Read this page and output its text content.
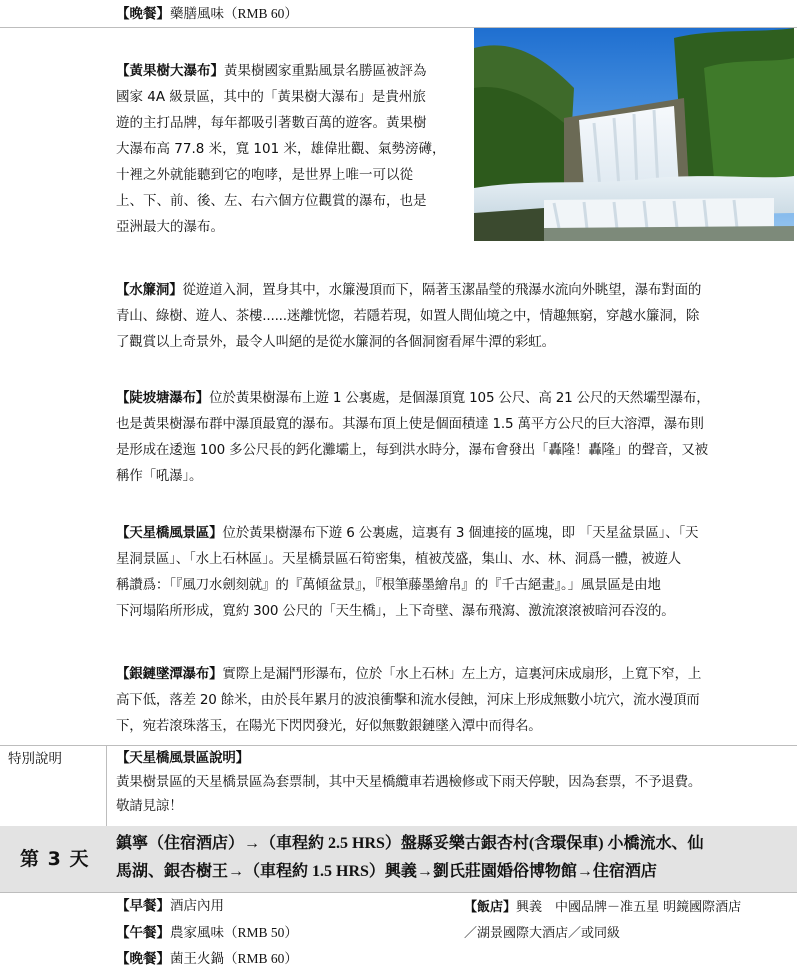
【晚餐】藥膳風味（RMB 60）
【黃果樹大瀑布】黃果樹國家重點風景名勝區被評為
國家 4A 級景區，其中的「黃果樹大瀑布」是貴州旅
遊的主打品牌，每年都吸引著數百萬的遊客。黃果樹
大瀑布高 77.8 米，寬 101 米，雄偉壯觀、氣勢滂礡，
十裡之外就能聽到它的咆哮，是世界上唯一可以從
上、下、前、後、左、右六個方位觀賞的瀑布，也是
亞洲最大的瀑布。
【水簾洞】從遊道入洞，置身其中，水簾漫頂而下，隔著玉潔晶瑩的飛瀑水流向外眺望，瀑布對面的
青山、綠樹、遊人、茶樓......迷離恍惚，若隱若現，如置人間仙境之中，情趣無窮，穿越水簾洞，除
了觀賞以上奇景外，最令人叫絕的是從水簾洞的各個洞窗看犀牛潭的彩虹。
【陡坡塘瀑布】位於黃果樹瀑布上遊 1 公裏處，是個瀑頂寬 105 公尺、高 21 公尺的天然壩型瀑布，
也是黃果樹瀑布群中瀑頂最寬的瀑布。其瀑布頂上使是個面積達 1.5 萬平方公尺的巨大溶潭，瀑布則
是形成在逶迤 100 多公尺長的鈣化灘壩上，每到洪水時分，瀑布會發出「轟隆！轟隆」的聲音，又被
稱作「吼瀑」。
【天星橋風景區】位於黃果樹瀑布下遊 6 公裏處，這裏有 3 個連接的區塊，即 「天星盆景區」、「天
星洞景區」、「水上石林區」。天星橋景區石筍密集，植被茂盛，集山、水、林、洞爲一體，被遊人
稱讚爲：「『風刀水劍刻就』的『萬傾盆景』，『根筆藤墨繪帛』的『千古絕畫』。」風景區是由地
下河塌陷所形成，寬約 300 公尺的「天生橋」，上下奇壁、瀑布飛瀉、激流滾滾被暗河吞沒的。
【銀鏈墜潭瀑布】實際上是漏鬥形瀑布，位於「水上石林」左上方，這裏河床成扇形，上寬下窄，上
高下低，落差 20 餘米，由於長年累月的波浪衝擊和流水侵蝕，河床上形成無數小坑穴，流水漫頂而
下，宛若滾珠落玉，在陽光下閃閃發光，好似無數銀鏈墜入潭中而得名。
特別說明	【天星橋風景區說明】
黃果樹景區的天星橋景區為套票制，其中天星橋纜車若遇檢修或下雨天停駛，因為套票，不予退費。
敬請見諒！
第 3 天
鎮寧（住宿酒店）→（車程約 2.5 HRS）盤縣妥樂古銀杏村(含環保車) 小橋流水、仙
馬湖、銀杏樹王→（車程約 1.5 HRS）興義→劉氏莊園婚俗博物館→住宿酒店
【早餐】酒店內用
【午餐】農家風味（RMB 50）
【晚餐】菌王火鍋（RMB 60）
【飯店】興義　中國品牌－准五星 明鏡國際酒店
／湖景國際大酒店／或同級
